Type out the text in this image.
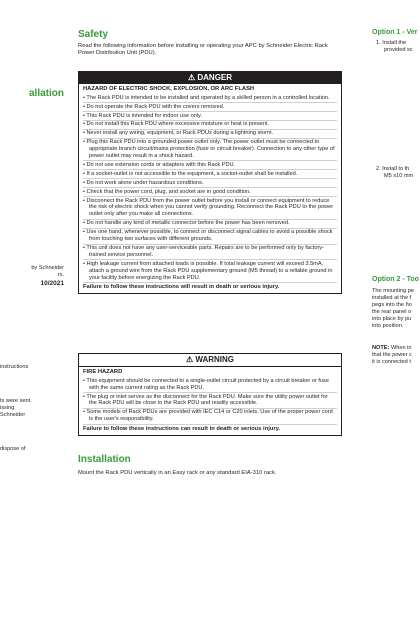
allation
by Schneider
rs.
10/2021
instructions
ts were sent.
issing
Schneider
dispose of
Safety
Read the following information before installing or operating your APC by Schneider Electric Rack Power Distribution Unit (PDU).
⚠ DANGER
HAZARD OF ELECTRIC SHOCK, EXPLOSION, OR ARC FLASH
• The Rack PDU is intended to be installed and operated by a skilled person in a controlled location.
• Do not operate the Rack PDU with the covers removed.
• This Rack PDU is intended for indoor use only.
• Do not install this Rack PDU where excessive moisture or heat is present.
• Never install any wiring, equipment, or Rack PDUs during a lightning storm.
• Plug this Rack PDU into a grounded power outlet only. The power outlet must be connected to appropriate branch circuit/mains protection (fuse or circuit breaker). Connection to any other type of power outlet may result in a shock hazard.
• Do not use extension cords or adapters with this Rack PDU.
• If a socket-outlet is not accessible to the equipment, a socket-outlet shall be installed.
• Do not work alone under hazardous conditions.
• Check that the power cord, plug, and socket are in good condition.
• Disconnect the Rack PDU from the power outlet before you install or connect equipment to reduce the risk of electric shock when you cannot verify grounding. Reconnect the Rack PDU to the power outlet only after you make all connections.
• Do not handle any kind of metallic connector before the power has been removed.
• Use one hand, whenever possible, to connect or disconnect signal cables to avoid a possible shock from touching two surfaces with different grounds.
• This unit does not have any user-serviceable parts. Repairs are to be performed only by factory-trained service personnel.
• High leakage current from attached loads is possible. If total leakage current will exceed 3.5mA, attach a ground wire from the Rack PDU supplementary ground (M5 thread) to a reliable ground in your facility before energizing the Rack PDU.
Failure to follow these instructions will result in death or serious injury.
⚠ WARNING
FIRE HAZARD
• This equipment should be connected to a single-outlet circuit protected by a circuit breaker or fuse with the same current rating as the Rack PDU.
• The plug or inlet serves as the disconnect for the Rack PDU. Make sure the utility power outlet for the Rack PDU will be close to the Rack PDU and readily accessible.
• Some models of Rack PDUs are provided with IEC C14 or C20 inlets. Use of the proper power cord is the user's responsibility.
Failure to follow these instructions can result in death or serious injury.
Installation
Mount the Rack PDU vertically in an Easy rack or any standard EIA-310 rack.
Option 1 - Ver
1. Install the
provided sc
2. Install to th
M5 x10 mm
Option 2 - Too
The mounting pe
installed at the f
pegs into the ho
the rear panel o
into place by pu
into position.
NOTE: When in
that the power c
it is connected t
